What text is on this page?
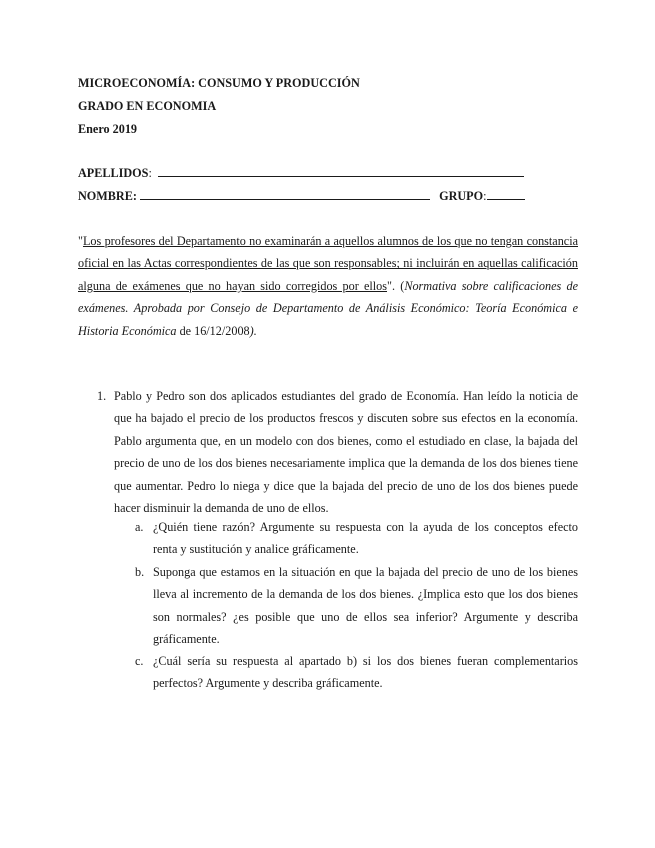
MICROECONOMÍA: CONSUMO Y PRODUCCIÓN
GRADO EN ECONOMIA
Enero 2019
APELLIDOS :
NOMBRE:

	GRUPO :
"Los profesores del Departamento no examinarán a aquellos alumnos de los que no tengan constancia oficial en las Actas correspondientes de las que son responsables; ni incluirán en aquellas calificación alguna de exámenes que no hayan sido corregidos por ellos". (Normativa sobre calificaciones de exámenes. Aprobada por Consejo de Departamento de Análisis Económico: Teoría Económica e Historia Económica de 16/12/2008).
1. Pablo y Pedro son dos aplicados estudiantes del grado de Economía. Han leído la noticia de que ha bajado el precio de los productos frescos y discuten sobre sus efectos en la economía. Pablo argumenta que, en un modelo con dos bienes, como el estudiado en clase, la bajada del precio de uno de los dos bienes necesariamente implica que la demanda de los dos bienes tiene que aumentar. Pedro lo niega y dice que la bajada del precio de uno de los dos bienes puede hacer disminuir la demanda de uno de ellos.
a. ¿Quién tiene razón? Argumente su respuesta con la ayuda de los conceptos efecto renta y sustitución y analice gráficamente.
b. Suponga que estamos en la situación en que la bajada del precio de uno de los bienes lleva al incremento de la demanda de los dos bienes. ¿Implica esto que los dos bienes son normales? ¿es posible que uno de ellos sea inferior? Argumente y describa gráficamente.
c. ¿Cuál sería su respuesta al apartado b) si los dos bienes fueran complementarios perfectos? Argumente y describa gráficamente.
